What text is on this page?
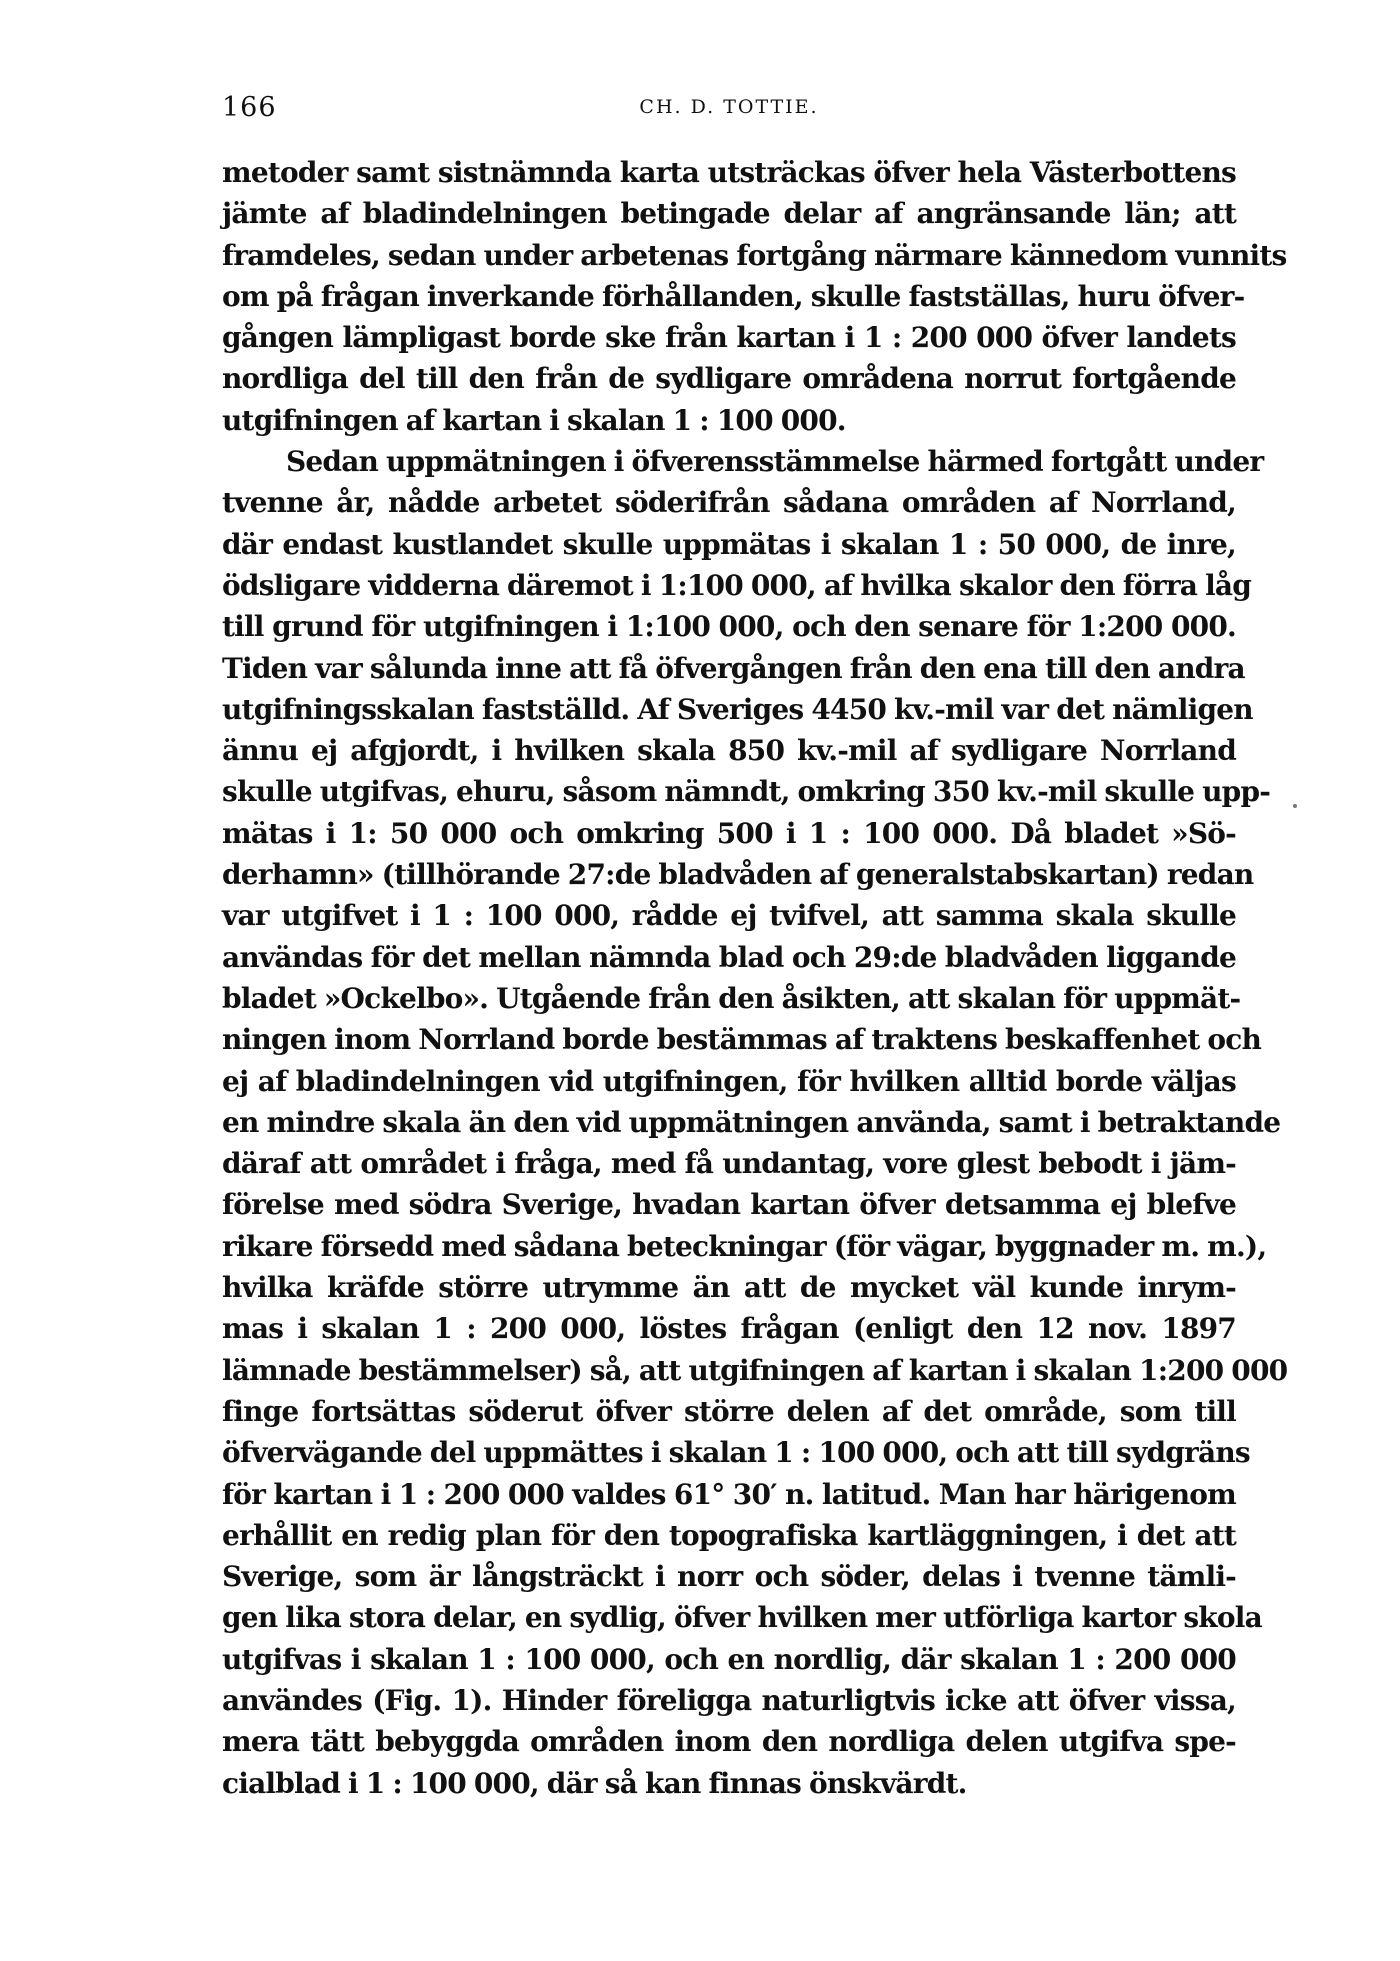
166	CH. D. TOTTIE.
metoder samt sistnämnda karta utsträckas öfver hela Västerbottens
jämte af bladindelningen betingade delar af angränsande län; att
framdeles, sedan under arbetenas fortgång närmare kännedom vunnits
om på frågan inverkande förhållanden, skulle fastställas, huru öfver-
gången lämpligast borde ske från kartan i 1 : 200 000 öfver landets
nordliga del till den från de sydligare områdena norrut fortgående
utgifningen af kartan i skalan 1 : 100 000.
Sedan uppmätningen i öfverensstämmelse härmed fortgått under
tvenne år, nådde arbetet söderifrån sådana områden af Norrland,
där endast kustlandet skulle uppmätas i skalan 1 : 50 000, de inre,
ödsligare vidderna däremot i 1:100 000, af hvilka skalor den förra låg
till grund för utgifningen i 1:100 000, och den senare för 1:200 000.
Tiden var sålunda inne att få öfvergången från den ena till den andra
utgifningsskalan fastställd. Af Sveriges 4450 kv.-mil var det nämligen
ännu ej afgjordt, i hvilken skala 850 kv.-mil af sydligare Norrland
skulle utgifvas, ehuru, såsom nämndt, omkring 350 kv.-mil skulle upp-
mätas i 1: 50 000 och omkring 500 i 1 : 100 000. Då bladet »Sö-
derhamn» (tillhörande 27:de bladvåden af generalstabskartan) redan
var utgifvet i 1 : 100 000, rådde ej tvifvel, att samma skala skulle
användas för det mellan nämnda blad och 29:de bladvåden liggande
bladet »Ockelbo». Utgående från den åsikten, att skalan för uppmät-
ningen inom Norrland borde bestämmas af traktens beskaffenhet och
ej af bladindelningen vid utgifningen, för hvilken alltid borde väljas
en mindre skala än den vid uppmätningen använda, samt i betraktande
däraf att området i fråga, med få undantag, vore glest bebodt i jäm-
förelse med södra Sverige, hvadan kartan öfver detsamma ej blefve
rikare försedd med sådana beteckningar (för vägar, byggnader m. m.),
hvilka kräfde större utrymme än att de mycket väl kunde inrym-
mas i skalan 1 : 200 000, löstes frågan (enligt den 12 nov. 1897
lämnade bestämmelser) så, att utgifningen af kartan i skalan 1:200 000
finge fortsättas söderut öfver större delen af det område, som till
öfvervägande del uppmättes i skalan 1 : 100 000, och att till sydgräns
för kartan i 1 : 200 000 valdes 61° 30′ n. latitud. Man har härigenom
erhållit en redig plan för den topografiska kartläggningen, i det att
Sverige, som är långsträckt i norr och söder, delas i tvenne tämli-
gen lika stora delar, en sydlig, öfver hvilken mer utförliga kartor skola
utgifvas i skalan 1 : 100 000, och en nordlig, där skalan 1 : 200 000
användes (Fig. 1). Hinder föreligga naturligtvis icke att öfver vissa,
mera tätt bebyggda områden inom den nordliga delen utgifva spe-
cialblad i 1 : 100 000, där så kan finnas önskvärdt.
